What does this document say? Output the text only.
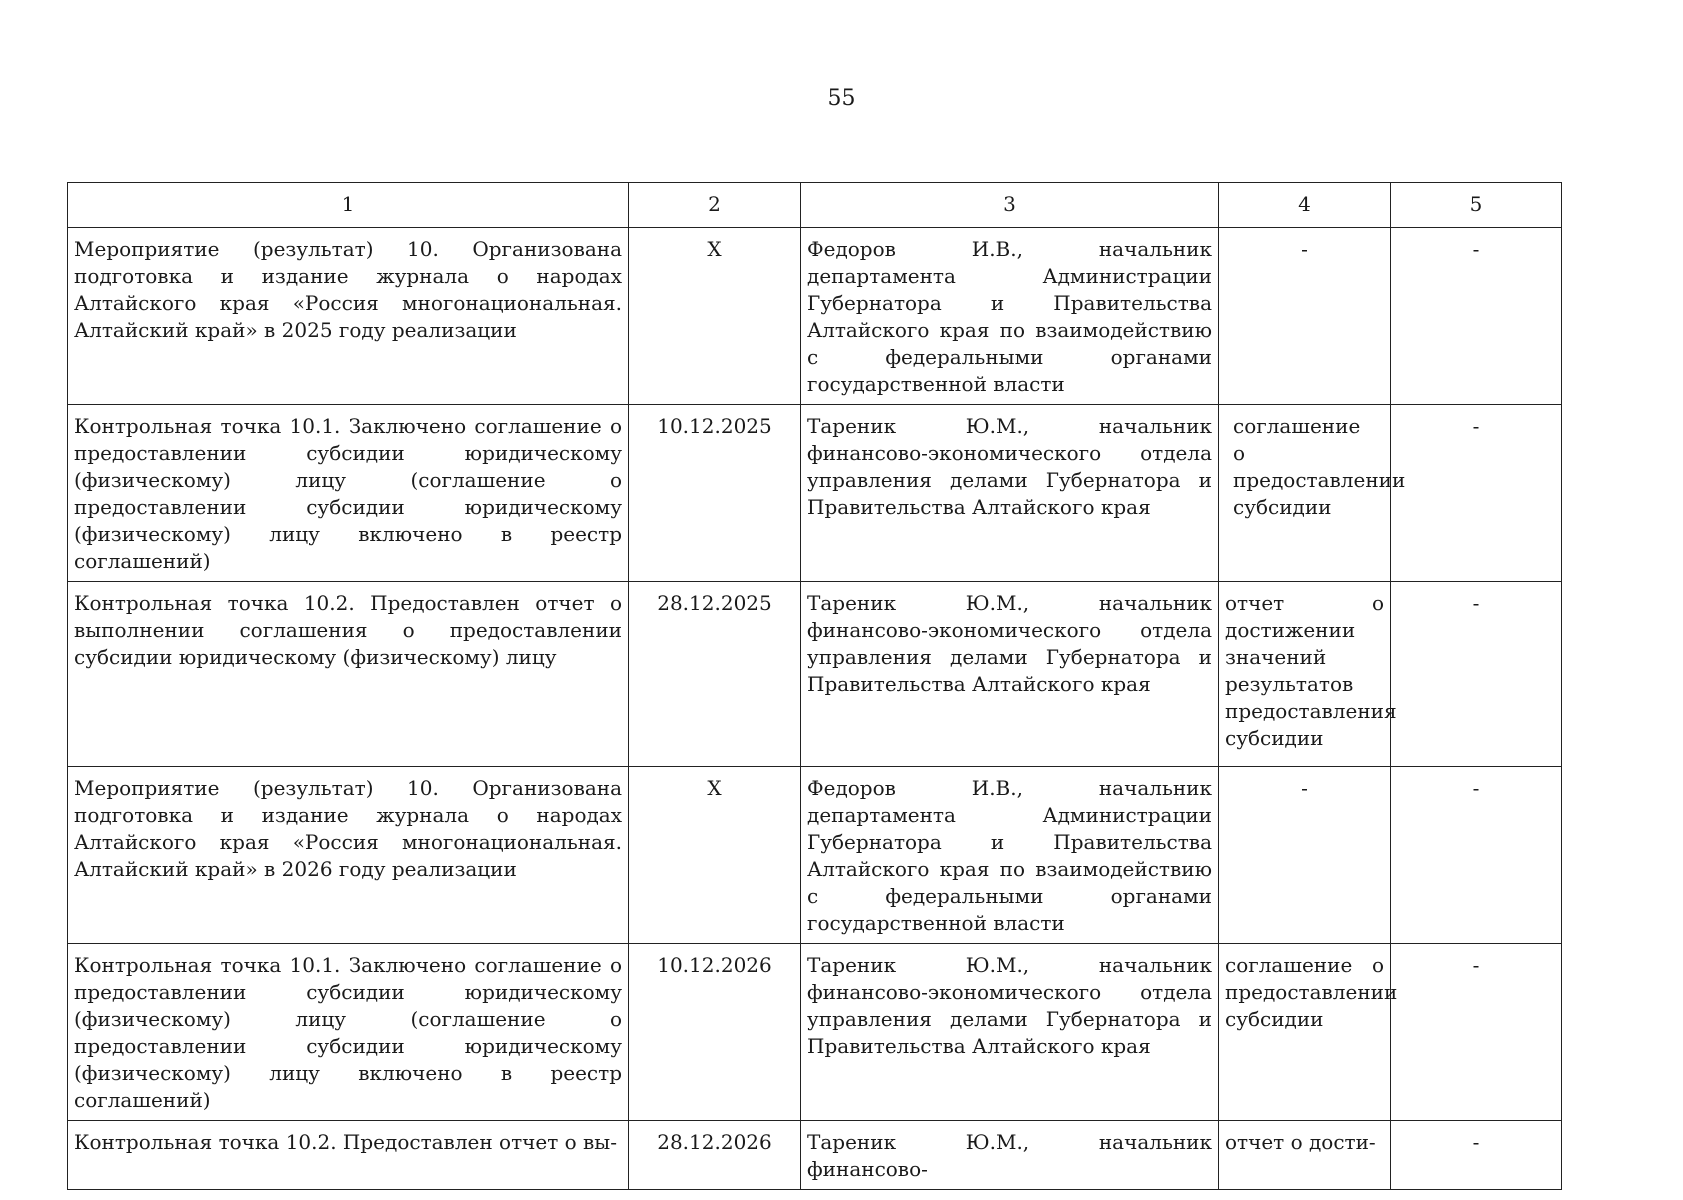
55
1	2	3	4	5
Мероприятие (результат) 10. Организована подготовка и издание журнала о народах Алтайского края «Россия многонациональная. Алтайский край» в 2025 году реализации	X	Федоров И.В., начальник департамента Администрации Губернатора и Правительства Алтайского края по взаимодействию с федеральными органами государственной власти	-	-
Контрольная точка 10.1. Заключено соглашение о предоставлении субсидии юридическому (физическому) лицу (соглашение о предоставлении субсидии юридическому (физическому) лицу включено в реестр соглашений)	10.12.2025	Тареник Ю.М., начальник финансово-экономического отдела управления делами Губернатора и Правительства Алтайского края	соглашение о предоставлении субсидии	-
Контрольная точка 10.2. Предоставлен отчет о выполнении соглашения о предоставлении субсидии юридическому (физическому) лицу	28.12.2025	Тареник Ю.М., начальник финансово-экономического отдела управления делами Губернатора и Правительства Алтайского края	отчет о достижении значений результатов предоставления субсидии	-
Мероприятие (результат) 10. Организована подготовка и издание журнала о народах Алтайского края «Россия многонациональная. Алтайский край» в 2026 году реализации	X	Федоров И.В., начальник департамента Администрации Губернатора и Правительства Алтайского края по взаимодействию с федеральными органами государственной власти	-	-
Контрольная точка 10.1. Заключено соглашение о предоставлении субсидии юридическому (физическому) лицу (соглашение о предоставлении субсидии юридическому (физическому) лицу включено в реестр соглашений)	10.12.2026	Тареник Ю.М., начальник финансово-экономического отдела управления делами Губернатора и Правительства Алтайского края	соглашение о предоставлении субсидии	-
Контрольная точка 10.2. Предоставлен отчет о вы-	28.12.2026	Тареник Ю.М., начальник финансово-	отчет о дости-	-
